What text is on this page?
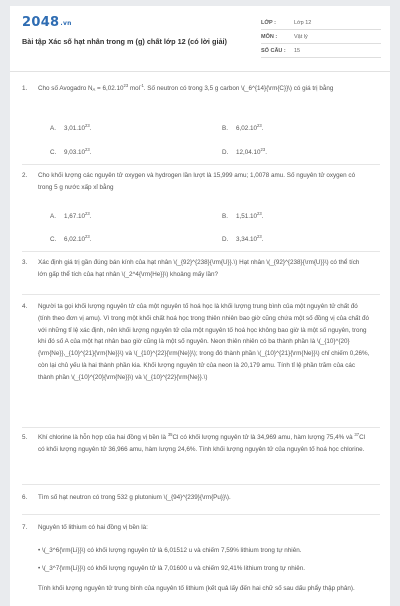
2048.vn
Bài tập Xác số hạt nhân trong m (g) chất lớp 12 (có lời giải)
LỚP :	Lớp 12
MÔN :	Vật lý
SỐ CÂU :	15
1. Cho số Avogadro $N_A = 6,02.10^{23}$ mol$^{-1}$. Số neutron có trong 3,5 g carbon \(_6^{14}{\rm{C}}\) có giá trị bằng
A.	3,01.10$^{23}$.	B.	6,02.10$^{23}$.
C.	9,03.10$^{23}$.	D.	12,04.10$^{23}$.
2. Cho khối lượng các nguyên tử oxygen và hydrogen lần lượt là 15,999 amu; 1,0078 amu. Số nguyên tử oxygen có trong 5 g nước xấp xỉ bằng
A.	1,67.10$^{23}$.	B.	1,51.10$^{23}$.
C.	6,02.10$^{23}$.	D.	3,34.10$^{23}$.
3. Xác định giá trị gần đúng bán kính của hạt nhân \(_{92}^{238}{\rm{U}}.\) Hạt nhân \(_{92}^{238}{\rm{U}}\) có thể tích lớn gấp thể tích của hạt nhân \(_2^4{\rm{He}}\) khoảng mấy lần?
4. Người ta gọi khối lượng nguyên tử của một nguyên tố hoá học là khối lượng trung bình của một nguyên tử chất đó (tính theo đơn vị amu). Vì trong một khối chất hoá học trong thiên nhiên bao giờ cũng chứa một số đồng vị của chất đó với những tỉ lệ xác định, nên khối lượng nguyên tử của một nguyên tố hoá học không bao giờ là một số nguyên, trong khi đó số A của một hạt nhân bao giờ cũng là một số nguyên. Neon thiên nhiên có ba thành phần là \(_{10}^{20}{\rm{Ne}},_{10}^{21}{\rm{Ne}}\) và \(_{10}^{22}{\rm{Ne}}\); trong đó thành phần \(_{10}^{21}{\rm{Ne}}\) chỉ chiếm 0,26%, còn lại chủ yếu là hai thành phần kia. Khối lượng nguyên tử của neon là 20,179 amu. Tính tỉ lệ phần trăm của các thành phần \(_{10}^{20}{\rm{Ne}}\) và \(_{10}^{22}{\rm{Ne}}.\)
5. Khí chlorine là hỗn hợp của hai đồng vị bền là $^{35}$Cl có khối lượng nguyên tử là 34,969 amu, hàm lượng 75,4% và $^{37}$Cl có khối lượng nguyên tử 36,966 amu, hàm lượng 24,6%. Tính khối lượng nguyên tử của nguyên tố hoá học chlorine.
6. Tìm số hạt neutron có trong 532 g plutonium \(_{94}^{239}{\rm{Pu}}\).
7. Nguyên tố lithium có hai đồng vị bền là:
• \(_3^6{\rm{Li}}\) có khối lượng nguyên tử là 6,01512 u và chiếm 7,59% lithium trong tự nhiên.
• \(_3^7{\rm{Li}}\) có khối lượng nguyên tử là 7,01600 u và chiếm 92,41% lithium trong tự nhiên.
Tính khối lượng nguyên tử trung bình của nguyên tố lithium (kết quả lấy đến hai chữ số sau dấu phẩy thập phân).
